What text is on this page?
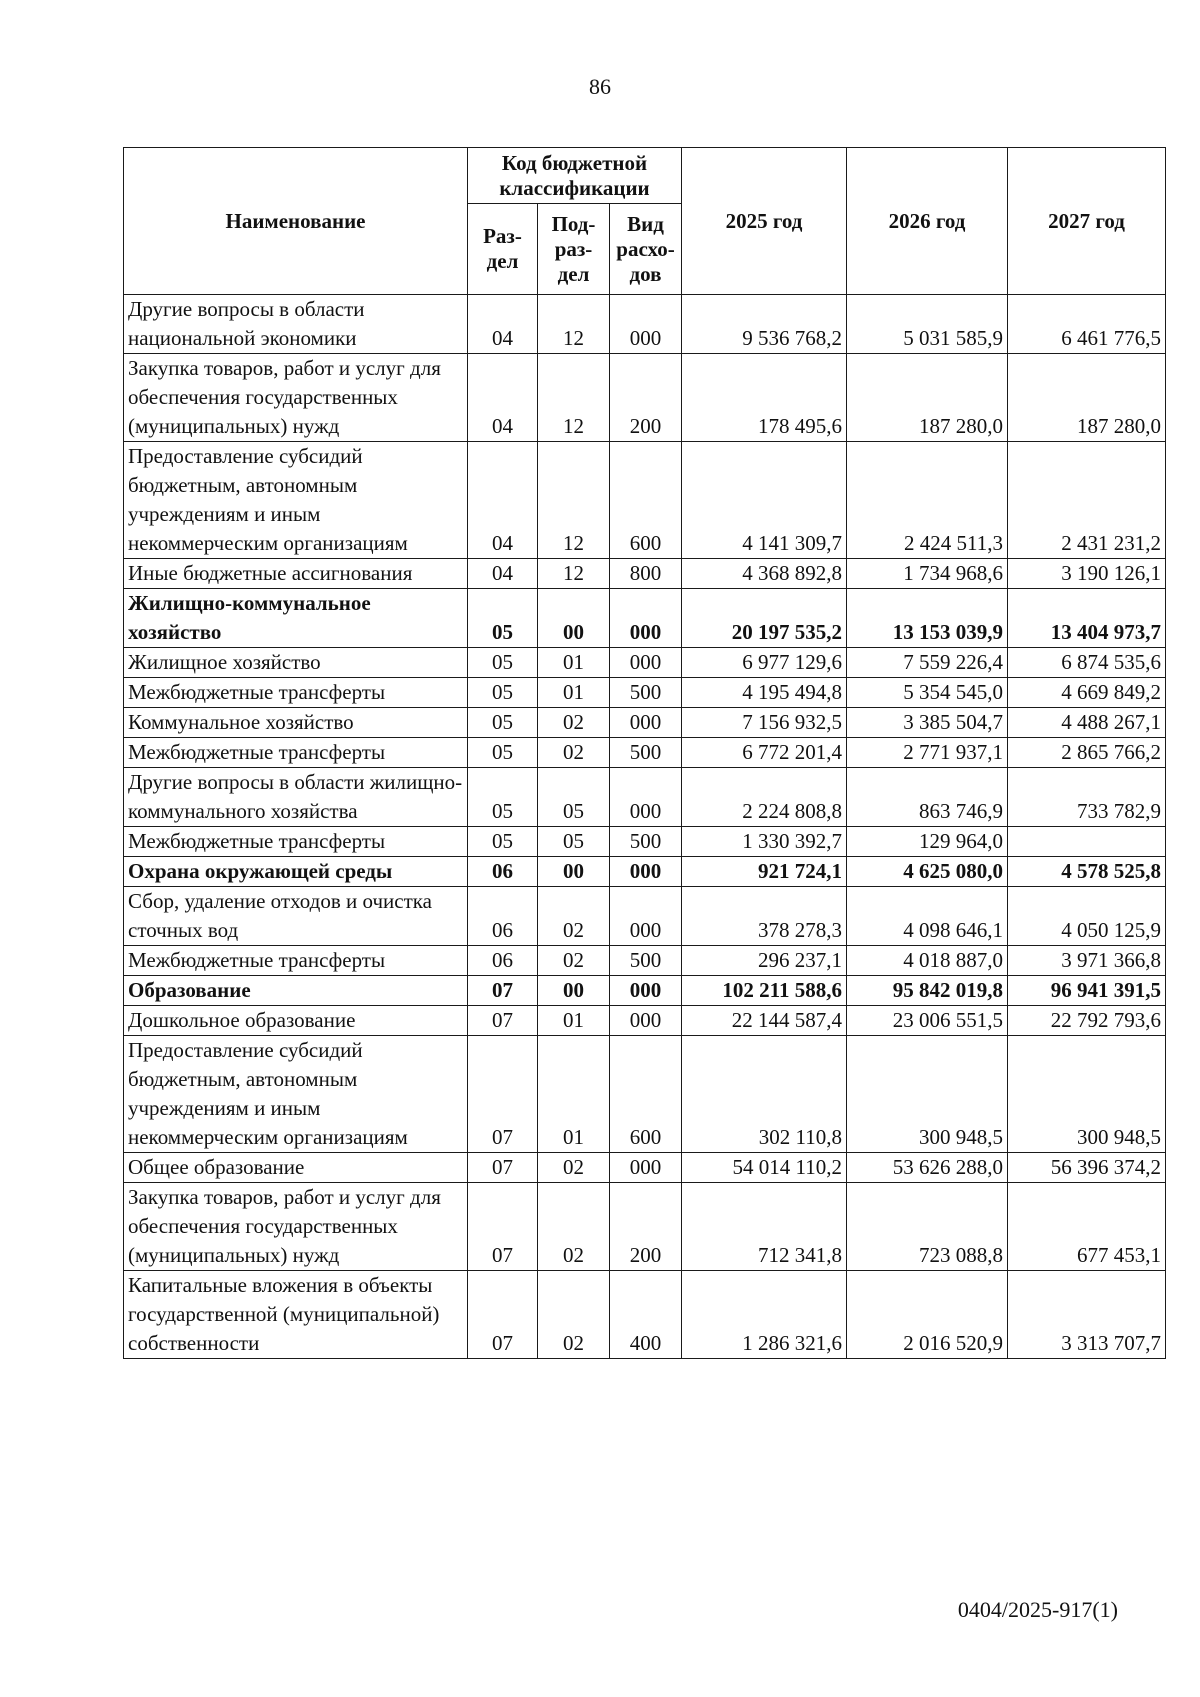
86
Наименование	Код бюджетной классификации			2025 год	2026 год	2027 год
	Раз-дел	Под-раз-дел	Вид расхо-дов			
Другие вопросы в области национальной экономики	04	12	000	9 536 768,2	5 031 585,9	6 461 776,5
Закупка товаров, работ и услуг для обеспечения государственных (муниципальных) нужд	04	12	200	178 495,6	187 280,0	187 280,0
Предоставление субсидий бюджетным, автономным учреждениям и иным некоммерческим организациям	04	12	600	4 141 309,7	2 424 511,3	2 431 231,2
Иные бюджетные ассигнования	04	12	800	4 368 892,8	1 734 968,6	3 190 126,1
Жилищно-коммунальное хозяйство	05	00	000	20 197 535,2	13 153 039,9	13 404 973,7
Жилищное хозяйство	05	01	000	6 977 129,6	7 559 226,4	6 874 535,6
Межбюджетные трансферты	05	01	500	4 195 494,8	5 354 545,0	4 669 849,2
Коммунальное хозяйство	05	02	000	7 156 932,5	3 385 504,7	4 488 267,1
Межбюджетные трансферты	05	02	500	6 772 201,4	2 771 937,1	2 865 766,2
Другие вопросы в области жилищно-коммунального хозяйства	05	05	000	2 224 808,8	863 746,9	733 782,9
Межбюджетные трансферты	05	05	500	1 330 392,7	129 964,0	
Охрана окружающей среды	06	00	000	921 724,1	4 625 080,0	4 578 525,8
Сбор, удаление отходов и очистка сточных вод	06	02	000	378 278,3	4 098 646,1	4 050 125,9
Межбюджетные трансферты	06	02	500	296 237,1	4 018 887,0	3 971 366,8
Образование	07	00	000	102 211 588,6	95 842 019,8	96 941 391,5
Дошкольное образование	07	01	000	22 144 587,4	23 006 551,5	22 792 793,6
Предоставление субсидий бюджетным, автономным учреждениям и иным некоммерческим организациям	07	01	600	302 110,8	300 948,5	300 948,5
Общее образование	07	02	000	54 014 110,2	53 626 288,0	56 396 374,2
Закупка товаров, работ и услуг для обеспечения государственных (муниципальных) нужд	07	02	200	712 341,8	723 088,8	677 453,1
Капитальные вложения в объекты государственной (муниципальной) собственности	07	02	400	1 286 321,6	2 016 520,9	3 313 707,7
0404/2025-917(1)
